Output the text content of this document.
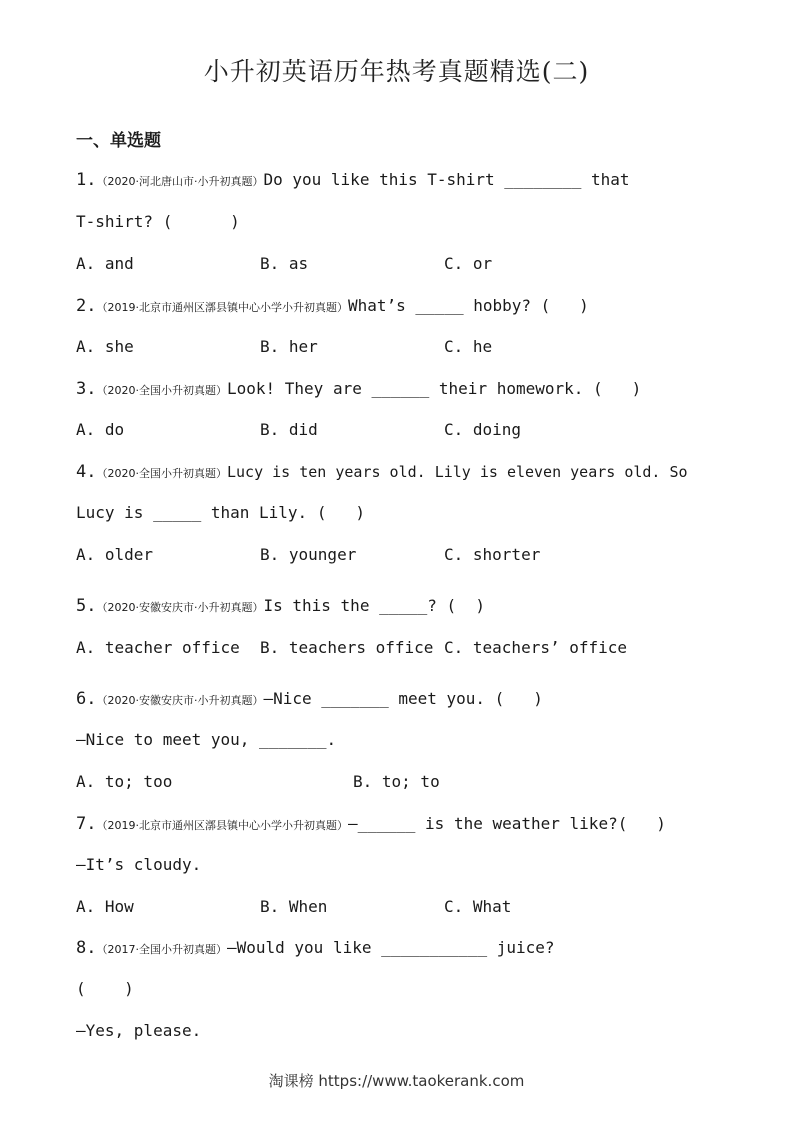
小升初英语历年热考真题精选(二)
一、单选题
1.（2020·河北唐山市·小升初真题）Do you like this T-shirt ________ that
T-shirt? (      )
A. and	B. as	C. or
2.（2019·北京市通州区漷县镇中心小学小升初真题）What’s _____ hobby? (   )
A. she	B. her	C. he
3.（2020·全国小升初真题）Look! They are ______ their homework. (   )
A. do	B. did	C. doing
4.（2020·全国小升初真题）Lucy is ten years old. Lily is eleven years old. So
Lucy is _____ than Lily. (   )
A. older	B. younger	C. shorter
5.（2020·安徽安庆市·小升初真题）Is this the _____? (  )
A. teacher office B. teachers office C. teachers’ office
6.（2020·安徽安庆市·小升初真题）—Nice _______ meet you. (   )
—Nice to meet you, _______.
A. to; too	B. to; to
7.（2019·北京市通州区漷县镇中心小学小升初真题）—______ is the weather like?(   )
—It’s cloudy.
A. How	B. When	C. What
8.（2017·全国小升初真题）—Would you like ___________ juice?
(    )
—Yes, please.
淘课榜 https://www.taokerank.com
